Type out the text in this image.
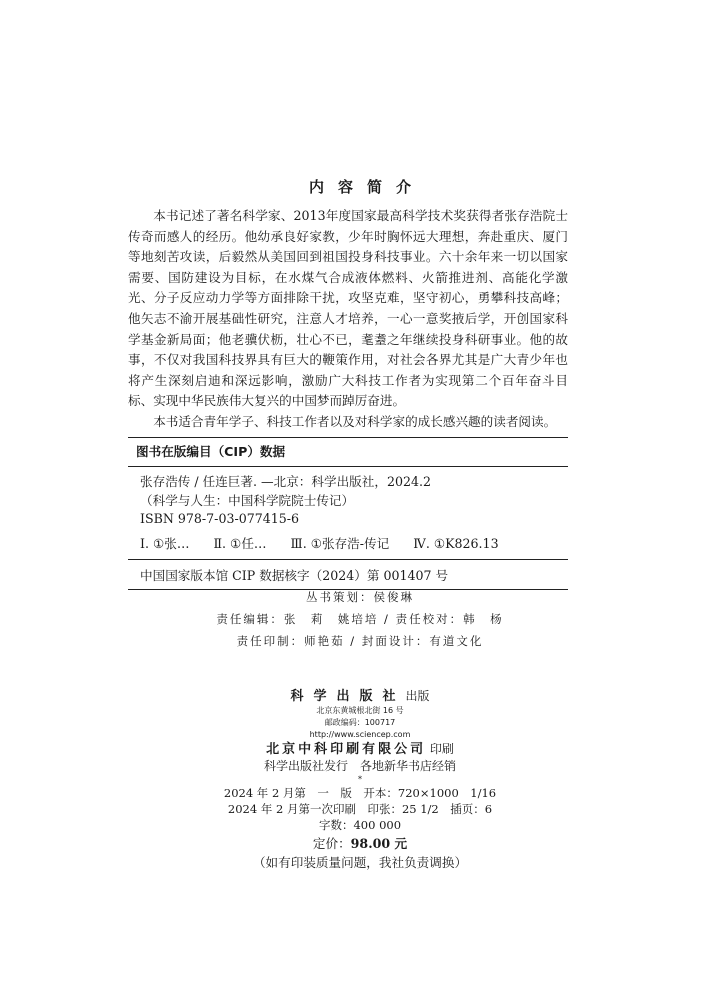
内容简介

本书记述了著名科学家、2013年度国家最高科学技术奖获得者张存浩院士传奇而感人的经历。他幼承良好家教，少年时胸怀远大理想，奔赴重庆、厦门等地刻苦攻读，后毅然从美国回到祖国投身科技事业。六十余年来一切以国家需要、国防建设为目标，在水煤气合成液体燃料、火箭推进剂、高能化学激光、分子反应动力学等方面排除干扰，攻坚克难，坚守初心，勇攀科技高峰；他矢志不渝开展基础性研究，注意人才培养，一心一意奖掖后学，开创国家科学基金新局面；他老骥伏枥，壮心不已，耄耋之年继续投身科研事业。他的故事，不仅对我国科技界具有巨大的鞭策作用，对社会各界尤其是广大青少年也将产生深刻启迪和深远影响，激励广大科技工作者为实现第二个百年奋斗目标、实现中华民族伟大复兴的中国梦而踔厉奋进。

本书适合青年学子、科技工作者以及对科学家的成长感兴趣的读者阅读。

图书在版编目（CIP）数据
张存浩传 / 任连巨著. —北京：科学出版社，2024.2
（科学与人生：中国科学院院士传记）
ISBN 978-7-03-077415-6
Ⅰ. ①张… Ⅱ. ①任… Ⅲ. ①张存浩-传记 Ⅳ. ①K826.13
中国国家版本馆 CIP 数据核字（2024）第 001407 号
丛书策划：侯俊琳
责任编辑：张　莉　姚培培 / 责任校对：韩　杨
责任印制：师艳茹 / 封面设计：有道文化
科学出版社出版
北京东黄城根北街 16 号
邮政编码：100717
http://www.sciencep.com
北京中科印刷有限公司 印刷
科学出版社发行　各地新华书店经销
*
2024 年 2 月第　一　版　开本：720×1000　1/16
2024 年 2 月第一次印刷　印张：25 1/2　插页：6
字数：400 000
定价：98.00 元
（如有印装质量问题，我社负责调换）
